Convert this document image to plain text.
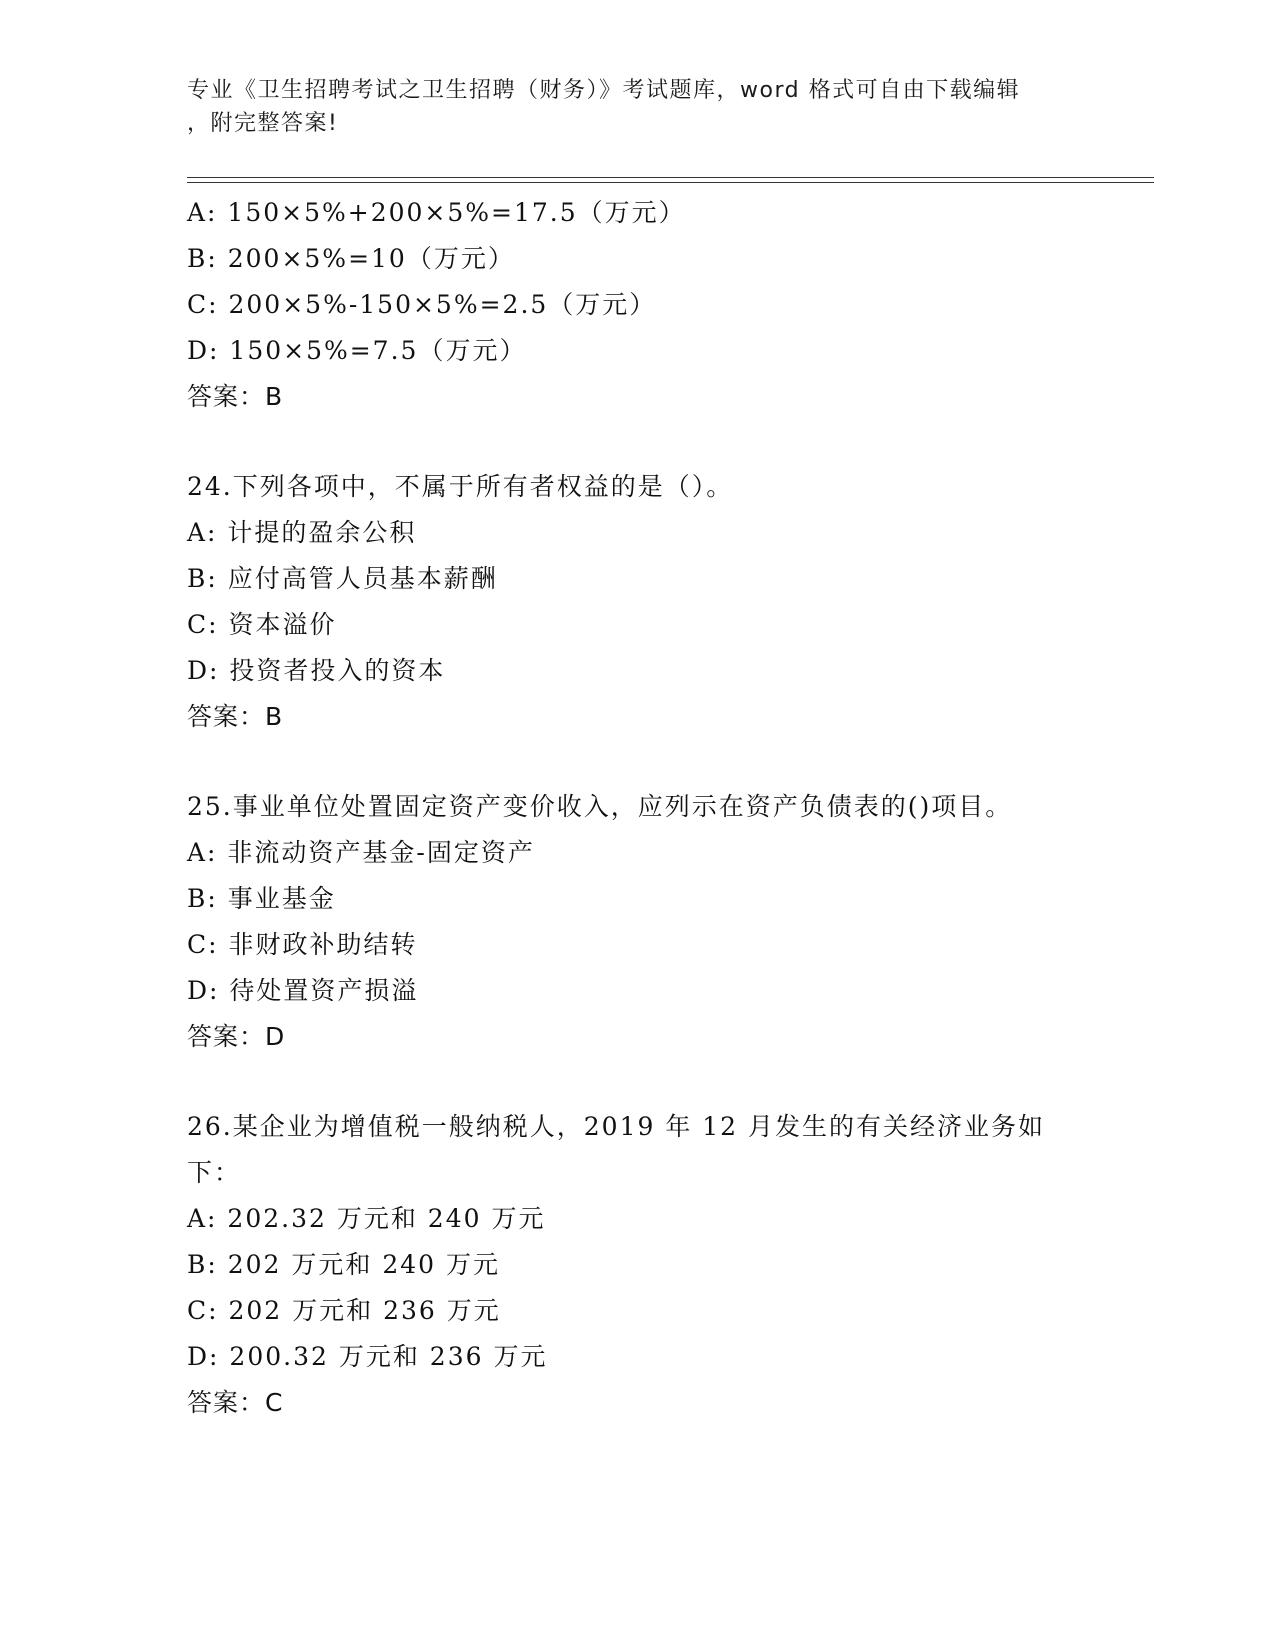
专业《卫生招聘考试之卫生招聘（财务）》考试题库，word 格式可自由下载编辑
，附完整答案!
A: 150×5%+200×5%=17.5（万元）
B: 200×5%=10（万元）
C: 200×5%-150×5%=2.5（万元）
D: 150×5%=7.5（万元）
答案：B
24.下列各项中，不属于所有者权益的是（）。
A: 计提的盈余公积
B: 应付高管人员基本薪酬
C: 资本溢价
D: 投资者投入的资本
答案：B
25.事业单位处置固定资产变价收入，应列示在资产负债表的()项目。
A: 非流动资产基金-固定资产
B: 事业基金
C: 非财政补助结转
D: 待处置资产损溢
答案：D
26.某企业为增值税一般纳税人，2019 年 12 月发生的有关经济业务如
下：
A: 202.32 万元和 240 万元
B: 202 万元和 240 万元
C: 202 万元和 236 万元
D: 200.32 万元和 236 万元
答案：C
